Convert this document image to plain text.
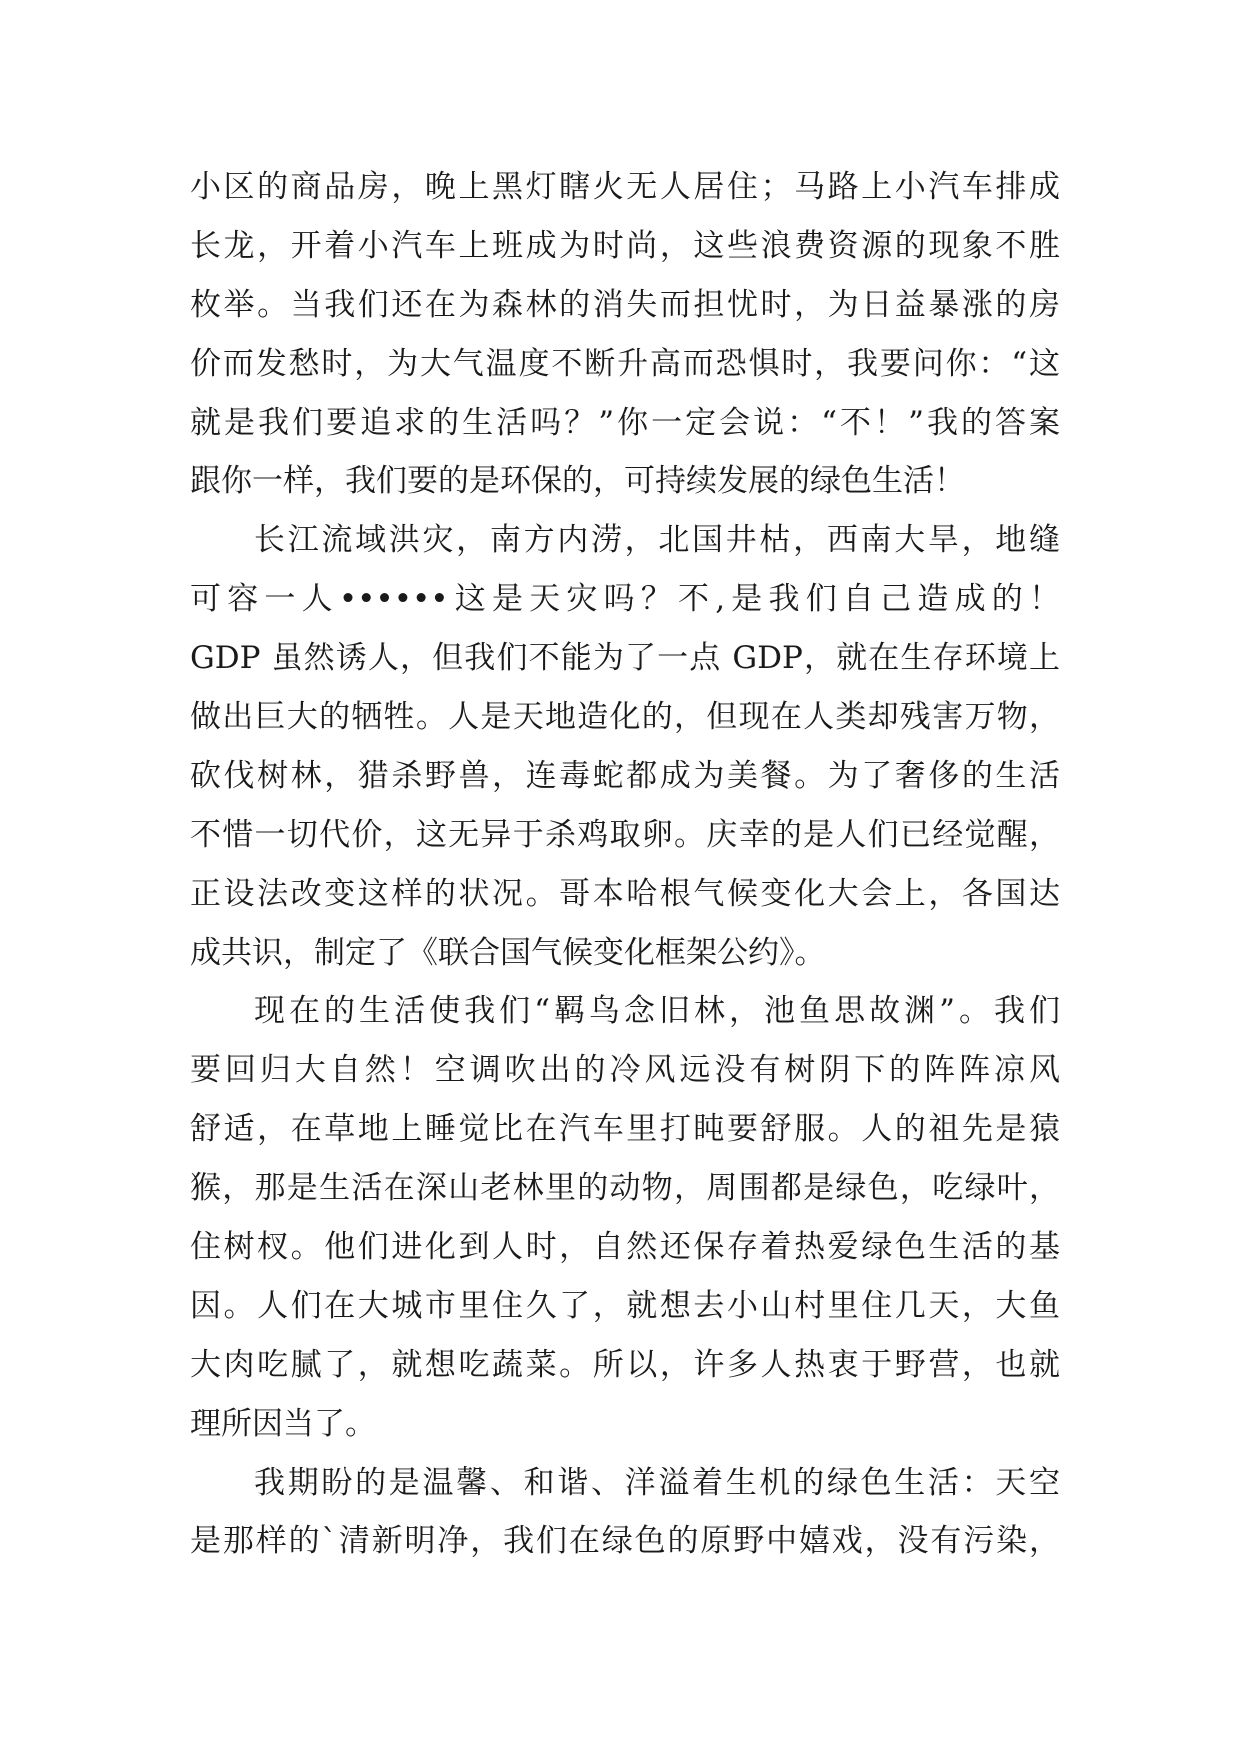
小区的商品房，晚上黑灯瞎火无人居住；马路上小汽车排成
长龙，开着小汽车上班成为时尚，这些浪费资源的现象不胜
枚举。当我们还在为森林的消失而担忧时，为日益暴涨的房
价而发愁时，为大气温度不断升高而恐惧时，我要问你：“这
就是我们要追求的生活吗？”你一定会说：“不！”我的答案
跟你一样，我们要的是环保的，可持续发展的绿色生活！
长江流域洪灾，南方内涝，北国井枯，西南大旱，地缝
可容一人••••••这是天灾吗？不,是我们自己造成的！
GDP 虽然诱人，但我们不能为了一点 GDP，就在生存环境上
做出巨大的牺牲。人是天地造化的，但现在人类却残害万物，
砍伐树林，猎杀野兽，连毒蛇都成为美餐。为了奢侈的生活
不惜一切代价，这无异于杀鸡取卵。庆幸的是人们已经觉醒，
正设法改变这样的状况。哥本哈根气候变化大会上，各国达
成共识，制定了《联合国气候变化框架公约》。
现在的生活使我们“羁鸟念旧林，池鱼思故渊”。我们
要回归大自然！空调吹出的冷风远没有树阴下的阵阵凉风
舒适，在草地上睡觉比在汽车里打盹要舒服。人的祖先是猿
猴，那是生活在深山老林里的动物，周围都是绿色，吃绿叶，
住树杈。他们进化到人时，自然还保存着热爱绿色生活的基
因。人们在大城市里住久了，就想去小山村里住几天，大鱼
大肉吃腻了，就想吃蔬菜。所以，许多人热衷于野营，也就
理所因当了。
我期盼的是温馨、和谐、洋溢着生机的绿色生活：天空
是那样的`清新明净，我们在绿色的原野中嬉戏，没有污染，
